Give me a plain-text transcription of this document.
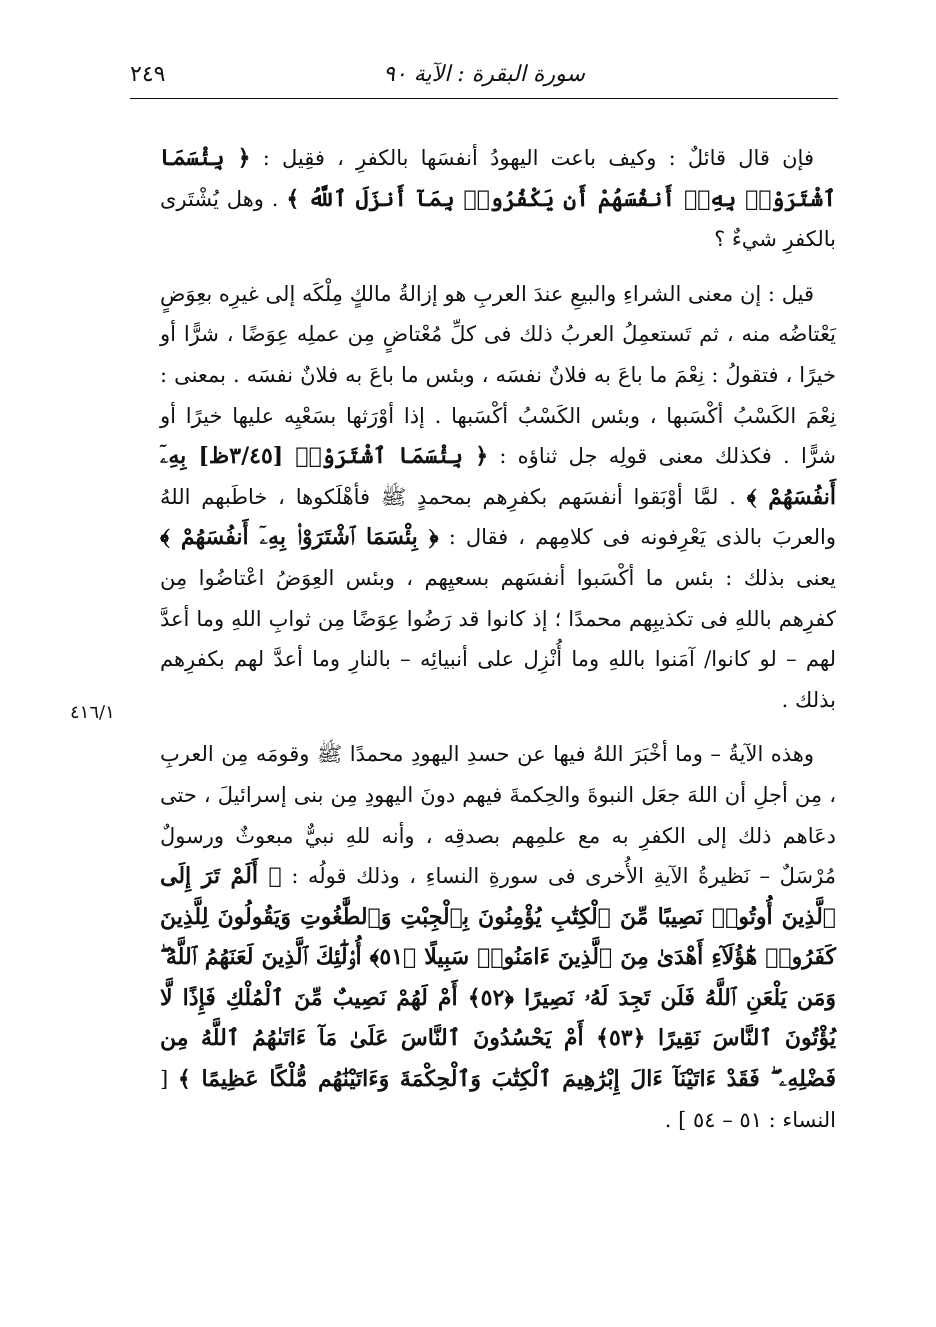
سورة البقرة : الآية ٩٠
٢٤٩
٤١٦/١

فإن قال قائلٌ : وكيف باعت اليهودُ أنفسَها بالكفرِ ، فقِيل : ﴿ بِئْسَمَا ٱشْتَرَوْا۟ بِهِۦٓ أَنفُسَهُمْ أَن يَكْفُرُوا۟ بِمَآ أَنزَلَ ٱللَّهُ ﴾ . وهل يُشْتَرى بالكفرِ شيءٌ ؟

قيل : إن معنى الشراءِ والبيعِ عندَ العربِ هو إزالةُ مالكٍ مِلْكَه إلى غيرِه بعِوَضٍ يَعْتاضُه منه ، ثم تَستعمِلُ العربُ ذلك فى كلِّ مُعْتاضٍ مِن عملِه عِوَضًا ، شرًّا أو خيرًا ، فتقولُ : نِعْمَ ما باعَ به فلانٌ نفسَه ، وبئس ما باعَ به فلانٌ نفسَه . بمعنى : نِعْمَ الكَسْبُ أكْسَبها ، وبئس الكَسْبُ أكْسَبها . إذا أوْرَثها بسَعْيِه عليها خيرًا أو شرًّا . فكذلك معنى قولِه جل ثناؤه : ﴿ بِئْسَمَا ٱشْتَرَوْا۟ [٣/٤٥ظ] بِهِۦٓ أَنفُسَهُمْ ﴾ . لمَّا أوْبَقوا أنفسَهم بكفرِهم بمحمدٍ ﷺ فأهْلَكوها ، خاطَبهم اللهُ والعربَ بالذى يَعْرِفونه فى كلامِهم ، فقال : ﴿ بِئْسَمَا ٱشْتَرَوْا۟ بِهِۦٓ أَنفُسَهُمْ ﴾ يعنى بذلك : بئس ما أكْسَبوا أنفسَهم بسعيِهم ، وبئس العِوَضُ اعْتاضُوا مِن كفرِهم باللهِ فى تكذيبِهم محمدًا ؛ إذ كانوا قد رَضُوا عِوَضًا مِن ثوابِ اللهِ وما أعدَّ لهم – لو كانوا/ آمَنوا باللهِ وما أُنْزِل على أنبيائِه – بالنارِ وما أعدَّ لهم بكفرِهم بذلك .

وهذه الآيةُ – وما أخْبَرَ اللهُ فيها عن حسدِ اليهودِ محمدًا ﷺ وقومَه مِن العربِ ، مِن أجلِ أن اللهَ جعَل النبوةَ والحِكمةَ فيهم دونَ اليهودِ مِن بنى إسرائيلَ ، حتى دعَاهم ذلك إلى الكفرِ به مع علمِهم بصدقِه ، وأنه للهِ نبيٌّ مبعوثٌ ورسولٌ مُرْسَلٌ – نَظيرةُ الآيةِ الأُخرى فى سورةِ النساءِ ، وذلك قولُه : ﴿ أَلَمْ تَرَ إِلَى ٱلَّذِينَ أُوتُوا۟ نَصِيبًا مِّنَ ٱلْكِتَٰبِ يُؤْمِنُونَ بِٱلْجِبْتِ وَٱلطَّٰغُوتِ وَيَقُولُونَ لِلَّذِينَ كَفَرُوا۟ هَٰٓؤُلَآءِ أَهْدَىٰ مِنَ ٱلَّذِينَ ءَامَنُوا۟ سَبِيلًا ﴿٥١﴾ أُو۟لَٰٓئِكَ ٱلَّذِينَ لَعَنَهُمُ ٱللَّهُ ۖ وَمَن يَلْعَنِ ٱللَّهُ فَلَن تَجِدَ لَهُۥ نَصِيرًا ﴿٥٢﴾ أَمْ لَهُمْ نَصِيبٌ مِّنَ ٱلْمُلْكِ فَإِذًا لَّا يُؤْتُونَ ٱلنَّاسَ نَقِيرًا ﴿٥٣﴾ أَمْ يَحْسُدُونَ ٱلنَّاسَ عَلَىٰ مَآ ءَاتَىٰهُمُ ٱللَّهُ مِن فَضْلِهِۦ ۖ فَقَدْ ءَاتَيْنَآ ءَالَ إِبْرَٰهِيمَ ٱلْكِتَٰبَ وَٱلْحِكْمَةَ وَءَاتَيْنَٰهُم مُّلْكًا عَظِيمًا ﴾ [ النساء : ٥١ – ٥٤ ] .
